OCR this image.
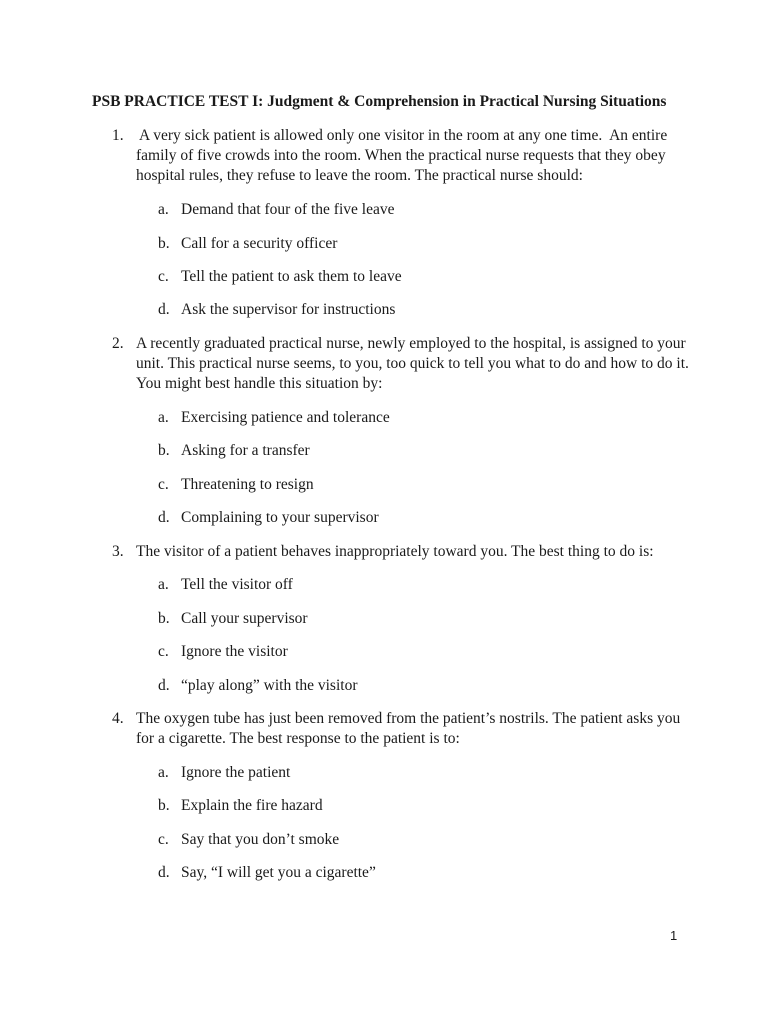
PSB PRACTICE TEST I: Judgment & Comprehension in Practical Nursing Situations
1. A very sick patient is allowed only one visitor in the room at any one time.  An entire
family of five crowds into the room. When the practical nurse requests that they obey
hospital rules, they refuse to leave the room. The practical nurse should:
a. Demand that four of the five leave
b. Call for a security officer
c. Tell the patient to ask them to leave
d. Ask the supervisor for instructions
2. A recently graduated practical nurse, newly employed to the hospital, is assigned to your
unit. This practical nurse seems, to you, too quick to tell you what to do and how to do it.
You might best handle this situation by:
a. Exercising patience and tolerance
b. Asking for a transfer
c. Threatening to resign
d. Complaining to your supervisor
3. The visitor of a patient behaves inappropriately toward you. The best thing to do is:
a. Tell the visitor off
b. Call your supervisor
c. Ignore the visitor
d. “play along” with the visitor
4. The oxygen tube has just been removed from the patient’s nostrils. The patient asks you
for a cigarette. The best response to the patient is to:
a. Ignore the patient
b. Explain the fire hazard
c. Say that you don’t smoke
d. Say, “I will get you a cigarette”
1
